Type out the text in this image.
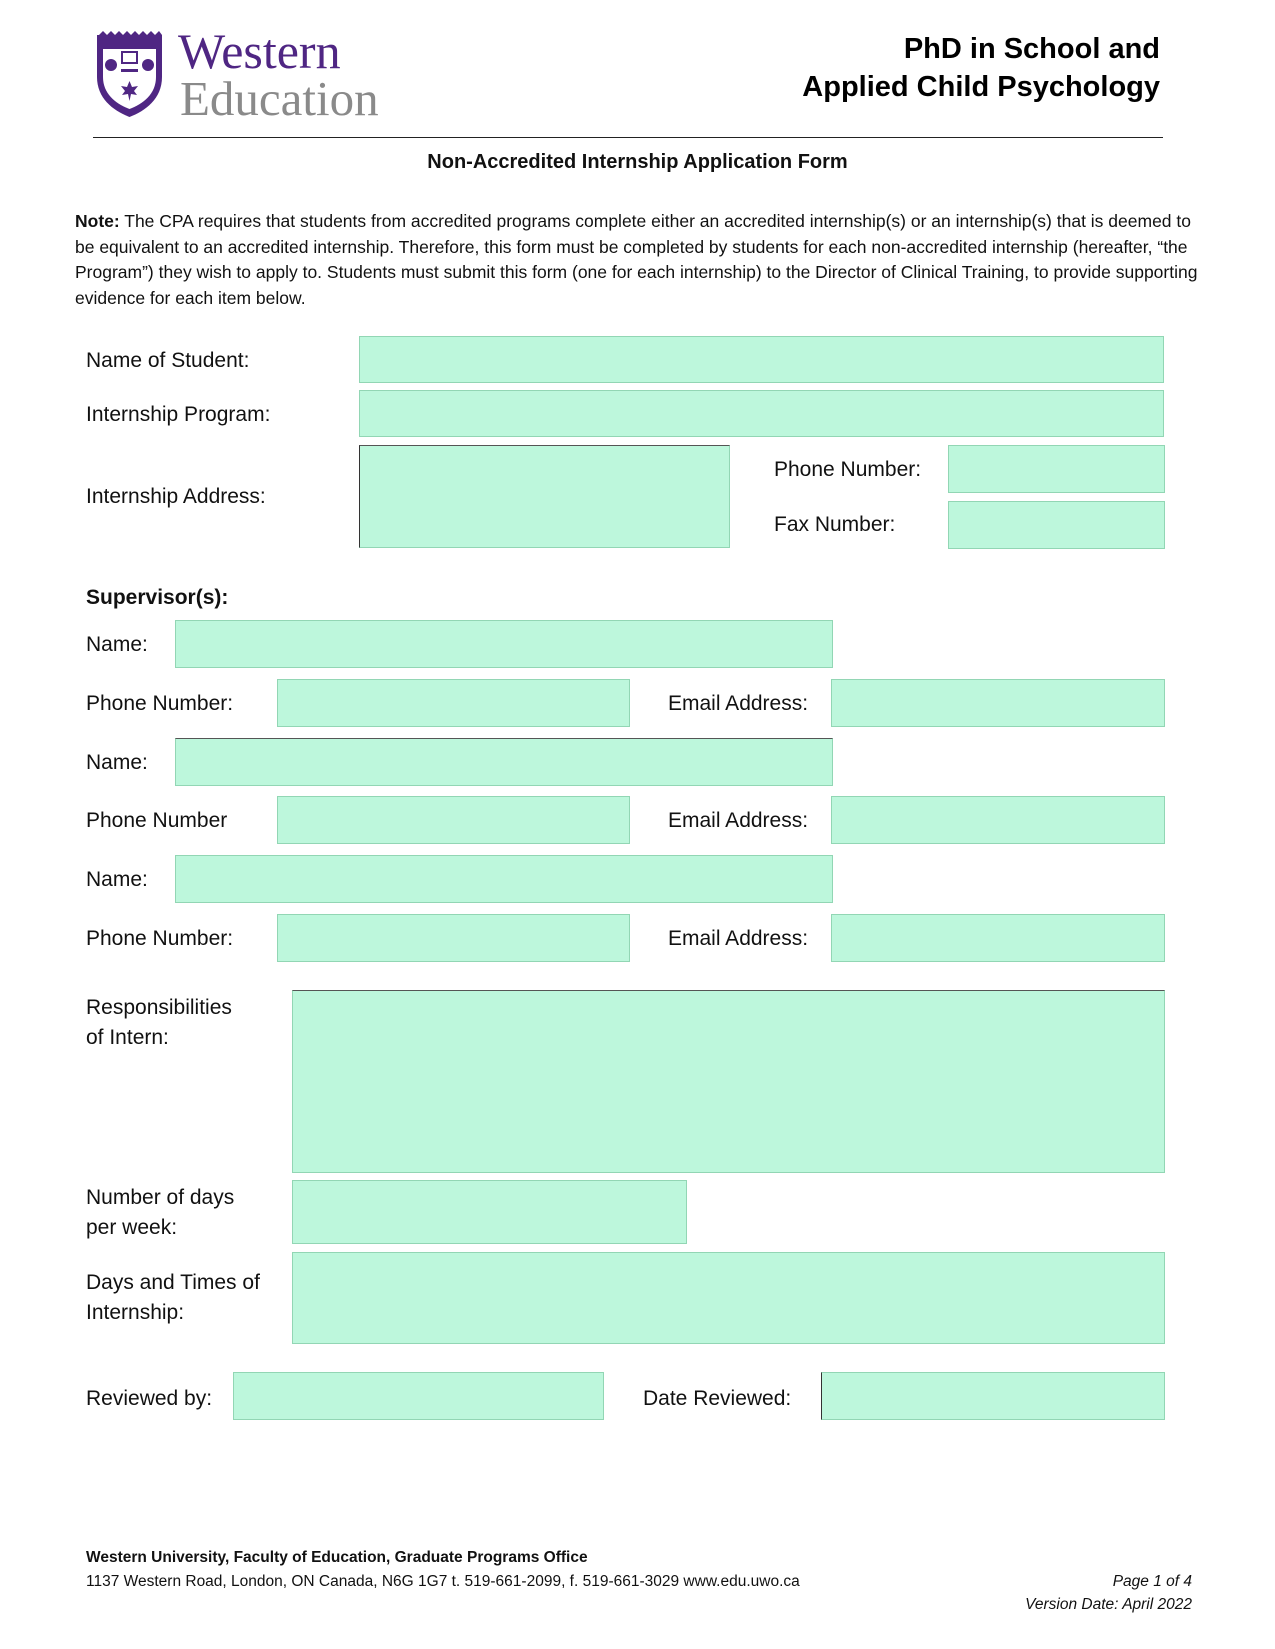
Western
Education
PhD in School and
Applied Child Psychology
Non-Accredited Internship Application Form
Note: The CPA requires that students from accredited programs complete either an accredited internship(s) or an internship(s) that is deemed to be equivalent to an accredited internship. Therefore, this form must be completed by students for each non-accredited internship (hereafter, “the Program”) they wish to apply to. Students must submit this form (one for each internship) to the Director of Clinical Training, to provide supporting evidence for each item below.
Name of Student:
Internship Program:
Internship Address:
Phone Number:
Fax Number:
Supervisor(s):
Name:
Phone Number:	Email Address:
Name:
Phone Number	Email Address:
Name:
Phone Number:	Email Address:
Responsibilities
of Intern:
Number of days
per week:
Days and Times of
Internship:
Reviewed by:	Date Reviewed:
Western University, Faculty of Education, Graduate Programs Office
1137 Western Road, London, ON Canada, N6G 1G7 t. 519-661-2099, f. 519-661-3029 www.edu.uwo.ca	Page 1 of 4
Version Date: April 2022
